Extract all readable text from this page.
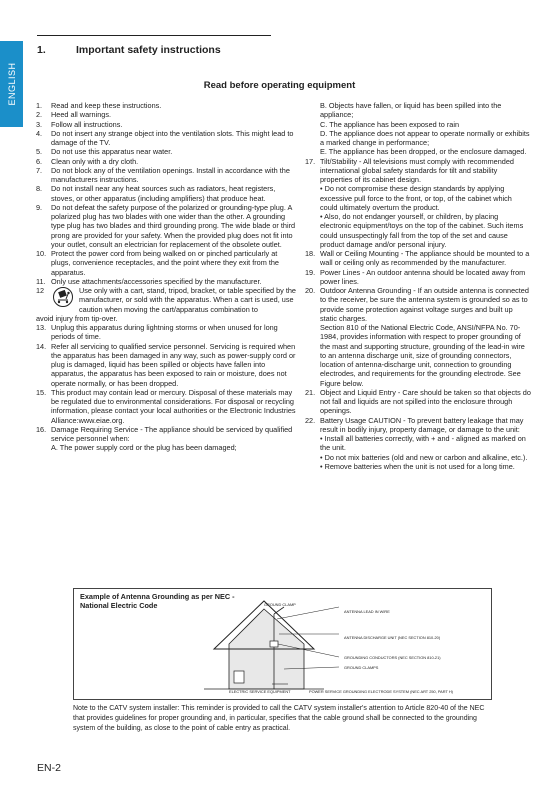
ENGLISH
1.	Important safety instructions
Read before operating equipment
1.	Read and keep these instructions.
2.	Heed all warnings.
3.	Follow all instructions.
4.	Do not insert any strange object into the ventilation slots. This might lead to damage of the TV.
5.	Do not use this apparatus near water.
6.	Clean only with a dry cloth.
7.	Do not block any of the ventilation openings. Install in accordance with the manufacturers instructions.
8.	Do not install near any heat sources such as radiators, heat registers, stoves, or other apparatus (including amplifiers) that produce heat.
9.	Do not defeat the safety purpose of the polarized or grounding-type plug. A polarized plug has two blades with one wider than the other. A grounding type plug has two blades and third grounding prong. The wide blade or third prong are provided for your safety. When the provided plug does not fit into your outlet, consult an electrician for replacement of the obsolete outlet.
10. Protect the power cord from being walked on or pinched particularly at plugs, convenience receptacles, and the point where they exit from the apparatus.
11. Only use attachments/accessories specified by the manufacturer.
12	Use only with a cart, stand, tripod, bracket, or table specified by the manufacturer, or sold with the apparatus. When a cart is used, use caution when moving the cart/apparatus combination to
avoid injury from tip-over.
13. Unplug this apparatus during lightning storms or when unused for long periods of time.
14. Refer all servicing to qualified service personnel. Servicing is required when the apparatus has been damaged in any way, such as power-supply cord or plug is damaged, liquid has been spilled or objects have fallen into apparatus, the apparatus has been exposed to rain or moisture, does not operate normally, or has been dropped.
15. This product may contain lead or mercury. Disposal of these materials may be regulated due to environmental considerations. For disposal or recycling information, please contact your local authorities or the Electronic Industries Alliance:www.eiae.org.
16. Damage Requiring Service - The appliance should be serviced by qualified service personnel when:
A. The power supply cord or the plug has been damaged;
B. Objects have fallen, or liquid has been spilled into the appliance;
C. The appliance has been exposed to rain
D. The appliance does not appear to operate normally or exhibits a marked change in performance;
E. The appliance has been dropped, or the enclosure damaged.
17. Tilt/Stability - All televisions must comply with recommended international global safety standards for tilt and stability properties of its cabinet design.
• Do not compromise these design standards by applying excessive pull force to the front, or top, of the cabinet which could ultimately overturn the product.
• Also, do not endanger yourself, or children, by placing electronic equipment/toys on the top of the cabinet. Such items could unsuspectingly fall from the top of the set and cause product damage and/or personal injury.
18. Wall or Ceiling Mounting - The appliance should be mounted to a wall or ceiling only as recommended by the manufacturer.
19. Power Lines - An outdoor antenna should be located away from power lines.
20. Outdoor Antenna Grounding - If an outside antenna is connected to the receiver, be sure the antenna system is grounded so as to provide some protection against voltage surges and built up static charges.
Section 810 of the National Electric Code, ANSI/NFPA No. 70-1984, provides information with respect to proper grounding of the mast and supporting structure, grounding of the lead-in wire to an antenna discharge unit, size of grounding connectors, location of antenna-discharge unit, connection to grounding electrodes, and requirements for the grounding electrode. See Figure below.
21. Object and Liquid Entry - Care should be taken so that objects do not fall and liquids are not spilled into the enclosure through openings.
22. Battery Usage CAUTION - To prevent battery leakage that may result in bodily injury, property damage, or damage to the unit:
• Install all batteries correctly, with + and - aligned as marked on the unit.
• Do not mix batteries (old and new or carbon and alkaline, etc.).
• Remove batteries when the unit is not used for a long time.
Example of Antenna Grounding as per NEC - National Electric Code	GROUND CLAMP
ANTENNA LEAD IN WIRE
ANTENNA DISCHARGE UNIT (NEC SECTION 810-20)
GROUNDING CONDUCTORS (NEC SECTION 810-21)
GROUND CLAMPS
ELECTRIC SERVICE EQUIPMENT	POWER SERVICE GROUNDING ELECTRODE SYSTEM (NEC ART 250, PART H)
Note to the CATV system installer: This reminder is provided to call the CATV system installer's attention to Article 820-40 of the NEC that provides guidelines for proper grounding and, in particular, specifies that the cable ground shall be connected to the grounding system of the building, as close to the point of cable entry as practical.
EN-2
